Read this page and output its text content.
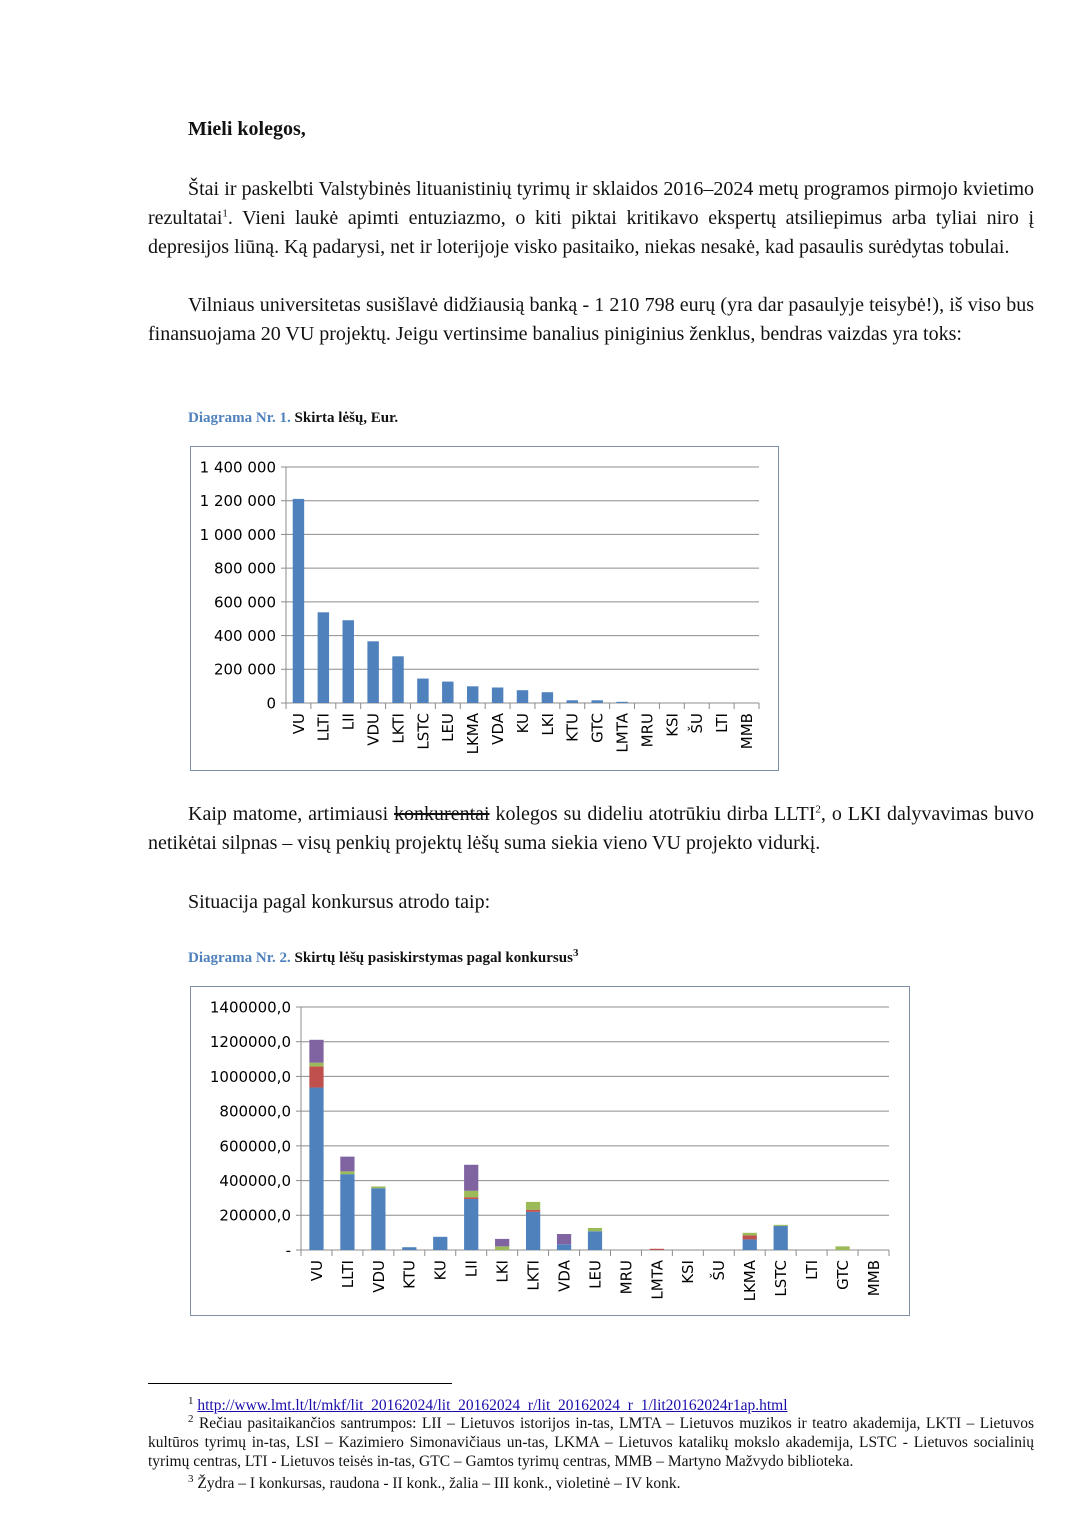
Mieli kolegos,
Štai ir paskelbti Valstybinės lituanistinių tyrimų ir sklaidos 2016–2024 metų programos pirmojo kvietimo rezultatai$^1$. Vieni laukė apimti entuziazmo, o kiti piktai kritikavo ekspertų atsiliepimus arba tyliai niro į depresijos liūną. Ką padarysi, net ir loterijoje visko pasitaiko, niekas nesakė, kad pasaulis surėdytas tobulai.
Vilniaus universitetas susišlavė didžiausią banką - 1 210 798 eurų (yra dar pasaulyje teisybė!), iš viso bus finansuojama 20 VU projektų. Jeigu vertinsime banalius piniginius ženklus, bendras vaizdas yra toks:
Diagrama Nr. 1. Skirta lėšų, Eur.
0
200 000
400 000
600 000
800 000
1 000 000
1 200 000
1 400 000
VU LLTI LII VDU LKTI LSTC LEU LKMA VDA KU LKI KTU GTC LMTA MRU KSI ŠU LTI MMB
Kaip matome, artimiausi konkurentai kolegos su dideliu atotrūkiu dirba LLTI$^2$, o LKI dalyvavimas buvo netikėtai silpnas – visų penkių projektų lėšų suma siekia vieno VU projekto vidurkį.
Situacija pagal konkursus atrodo taip:
Diagrama Nr. 2. Skirtų lėšų pasiskirstymas pagal konkursus$^3$
-
200000,0
400000,0
600000,0
800000,0
1000000,0
1200000,0
1400000,0
VU LLTI VDU KTU KU LII LKI LKTI VDA LEU MRU LMTA KSI ŠU LKMA LSTC LTI GTC MMB
$^1$ http://www.lmt.lt/lt/mkf/lit_20162024/lit_20162024_r/lit_20162024_r_1/lit20162024r1ap.html
$^2$ Rečiau pasitaikančios santrumpos: LII – Lietuvos istorijos in-tas, LMTA – Lietuvos muzikos ir teatro akademija, LKTI – Lietuvos kultūros tyrimų in-tas, LSI – Kazimiero Simonavičiaus un-tas, LKMA – Lietuvos katalikų mokslo akademija, LSTC - Lietuvos socialinių tyrimų centras, LTI - Lietuvos teisės in-tas, GTC – Gamtos tyrimų centras, MMB – Martyno Mažvydo biblioteka.
$^3$ Žydra – I konkursas, raudona - II konk., žalia – III konk., violetinė – IV konk.
